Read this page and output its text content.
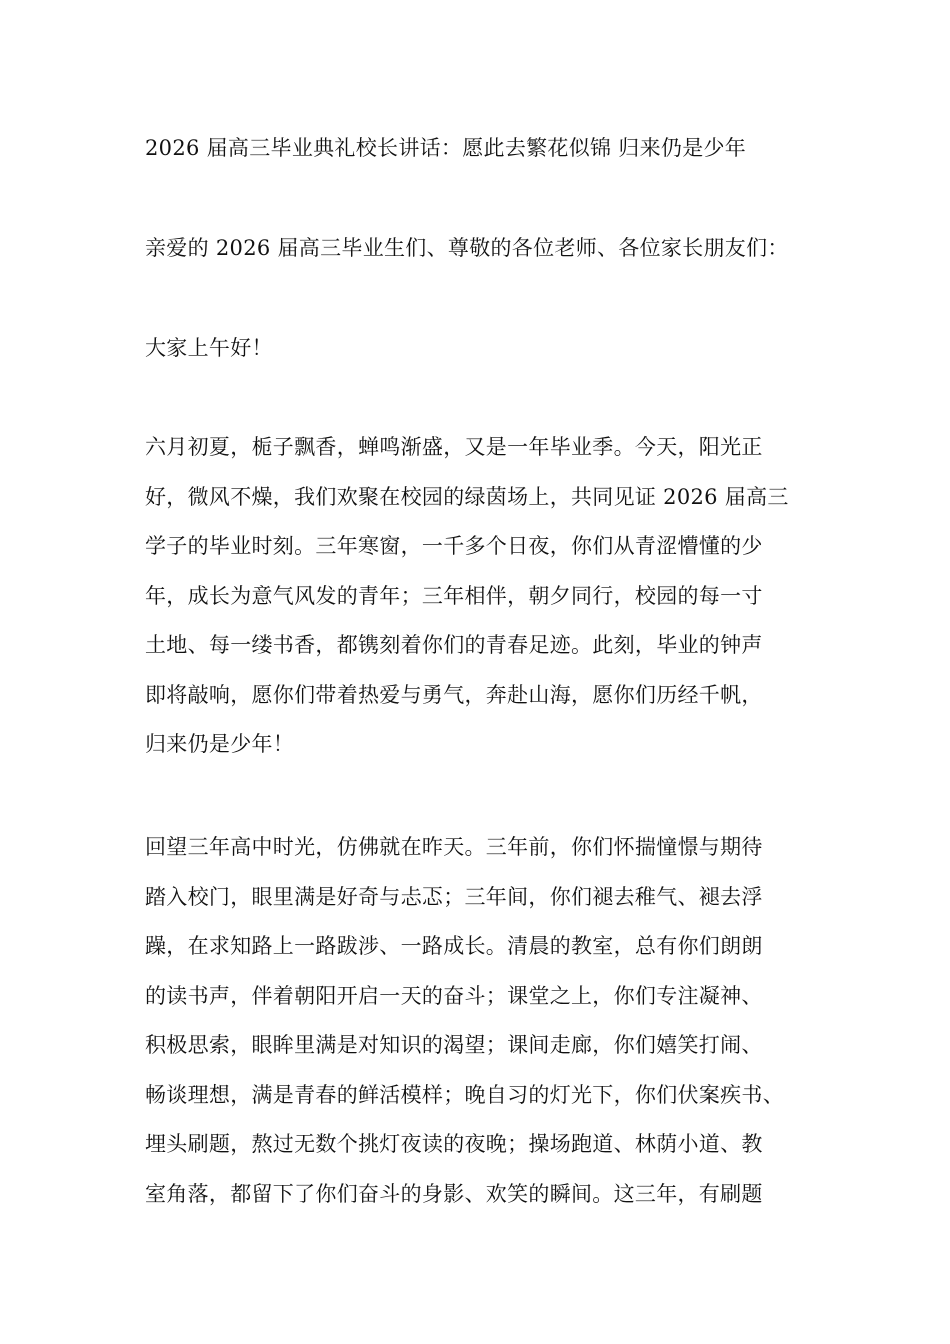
2026 届高三毕业典礼校长讲话：愿此去繁花似锦 归来仍是少年
亲爱的 2026 届高三毕业生们、尊敬的各位老师、各位家长朋友们：
大家上午好！
六月初夏，栀子飘香，蝉鸣渐盛，又是一年毕业季。今天，阳光正
好，微风不燥，我们欢聚在校园的绿茵场上，共同见证 2026 届高三
学子的毕业时刻。三年寒窗，一千多个日夜，你们从青涩懵懂的少
年，成长为意气风发的青年；三年相伴，朝夕同行，校园的每一寸
土地、每一缕书香，都镌刻着你们的青春足迹。此刻，毕业的钟声
即将敲响，愿你们带着热爱与勇气，奔赴山海，愿你们历经千帆，
归来仍是少年！
回望三年高中时光，仿佛就在昨天。三年前，你们怀揣憧憬与期待
踏入校门，眼里满是好奇与忐忑；三年间，你们褪去稚气、褪去浮
躁，在求知路上一路跋涉、一路成长。清晨的教室，总有你们朗朗
的读书声，伴着朝阳开启一天的奋斗；课堂之上，你们专注凝神、
积极思索，眼眸里满是对知识的渴望；课间走廊，你们嬉笑打闹、
畅谈理想，满是青春的鲜活模样；晚自习的灯光下，你们伏案疾书、
埋头刷题，熬过无数个挑灯夜读的夜晚；操场跑道、林荫小道、教
室角落，都留下了你们奋斗的身影、欢笑的瞬间。这三年，有刷题
